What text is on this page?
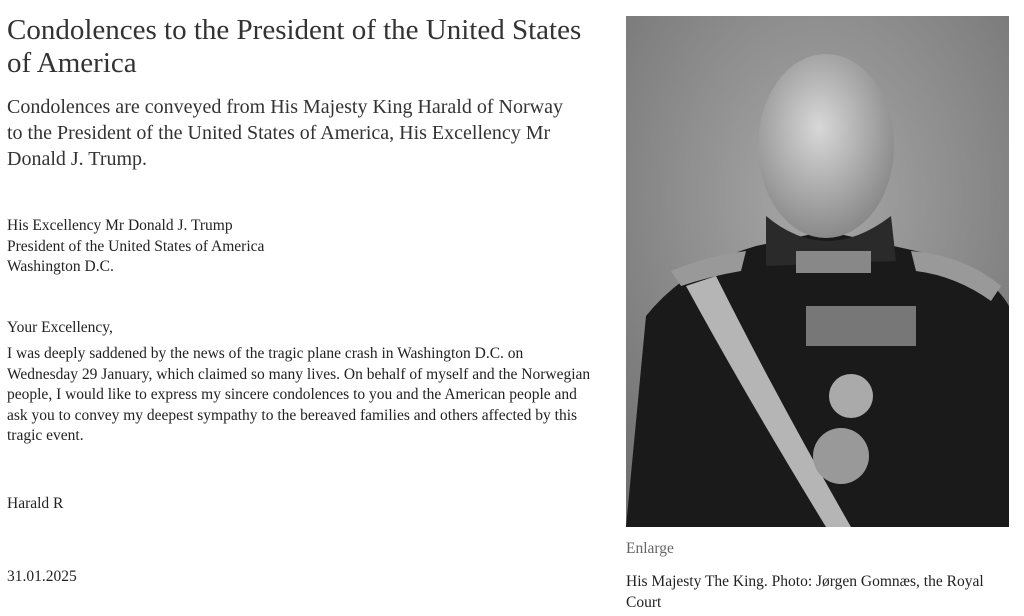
Condolences to the President of the United States of America
Condolences are conveyed from His Majesty King Harald of Norway to the President of the United States of America, His Excellency Mr Donald J. Trump.
His Excellency Mr Donald J. Trump
President of the United States of America
Washington D.C.
Your Excellency,
I was deeply saddened by the news of the tragic plane crash in Washington D.C. on Wednesday 29 January, which claimed so many lives. On behalf of myself and the Norwegian people, I would like to express my sincere condolences to you and the American people and ask you to convey my deepest sympathy to the bereaved families and others affected by this tragic event.
Harald R
31.01.2025
Enlarge
His Majesty The King. Photo: Jørgen Gomnæs, the Royal Court
